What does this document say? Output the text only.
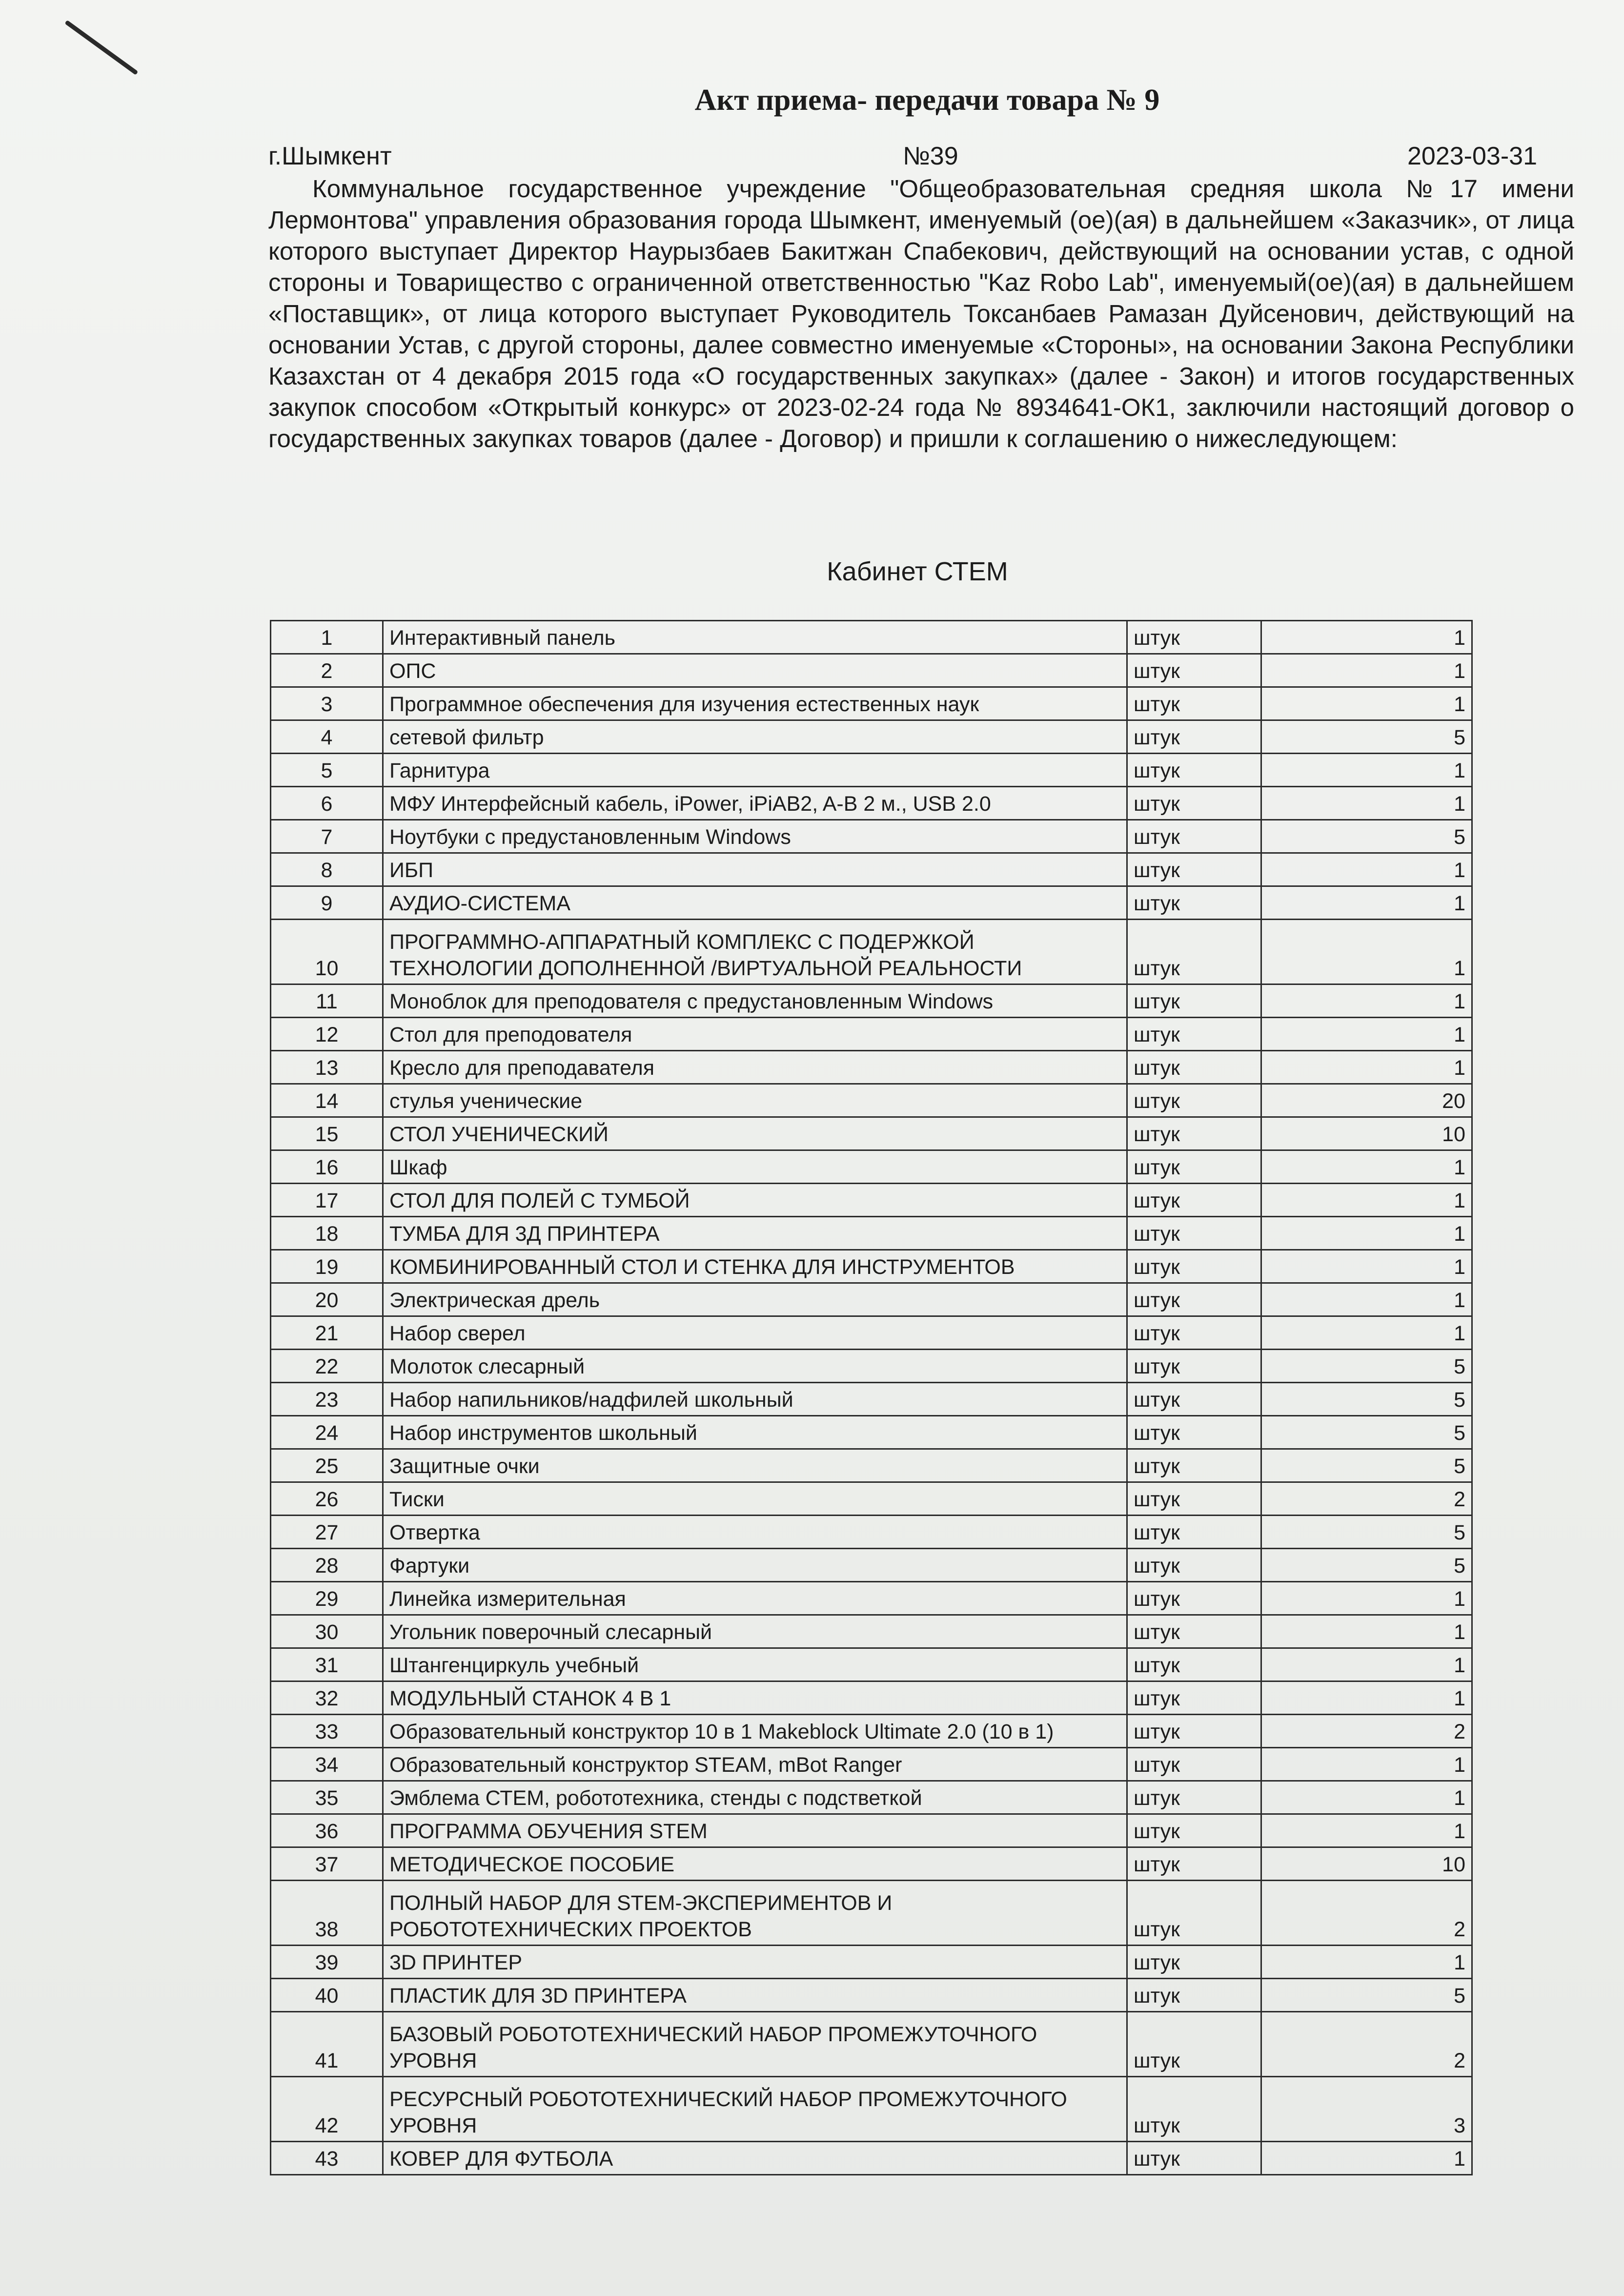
Акт приема- передачи товара № 9
г.Шымкент	№39	2023-03-31
Коммунальное государственное учреждение "Общеобразовательная средняя школа №17 имени Лермонтова" управления образования города Шымкент, именуемый (ое)(ая) в дальнейшем «Заказчик», от лица которого выступает Директор Наурызбаев Бакитжан Спабекович, действующий на основании устав, с одной стороны и Товарищество с ограниченной ответственностью "Kaz Robo Lab", именуемый(ое)(ая) в дальнейшем «Поставщик», от лица которого выступает Руководитель Токсанбаев Рамазан Дуйсенович, действующий на основании Устав, с другой стороны, далее совместно именуемые «Стороны», на основании Закона Республики Казахстан от 4 декабря 2015 года «О государственных закупках» (далее - Закон) и итогов государственных закупок способом «Открытый конкурс» от 2023-02-24 года № 8934641-ОК1, заключили настоящий договор о государственных закупках товаров (далее - Договор) и пришли к соглашению о нижеследующем:
Кабинет СТЕМ
1	Интерактивный панель	штук	1
2	ОПС	штук	1
3	Программное обеспечения для изучения естественных наук	штук	1
4	сетевой фильтр	штук	5
5	Гарнитура	штук	1
6	МФУ Интерфейсный кабель, iPower, iPiAB2, A-B 2 м., USB 2.0	штук	1
7	Ноутбуки с предустановленным Windows	штук	5
8	ИБП	штук	1
9	АУДИО-СИСТЕМА	штук	1
10	ПРОГРАММНО-АППАРАТНЫЙ КОМПЛЕКС С ПОДЕРЖКОЙ ТЕХНОЛОГИИ ДОПОЛНЕННОЙ /ВИРТУАЛЬНОЙ РЕАЛЬНОСТИ	штук	1
11	Моноблок для преподователя с предустановленным Windows	штук	1
12	Стол для преподователя	штук	1
13	Кресло для преподавателя	штук	1
14	стулья ученические	штук	20
15	СТОЛ УЧЕНИЧЕСКИЙ	штук	10
16	Шкаф	штук	1
17	СТОЛ ДЛЯ ПОЛЕЙ С ТУМБОЙ	штук	1
18	ТУМБА ДЛЯ 3Д ПРИНТЕРА	штук	1
19	КОМБИНИРОВАННЫЙ СТОЛ И СТЕНКА ДЛЯ ИНСТРУМЕНТОВ	штук	1
20	Электрическая дрель	штук	1
21	Набор сверел	штук	1
22	Молоток слесарный	штук	5
23	Набор напильников/надфилей школьный	штук	5
24	Набор инструментов школьный	штук	5
25	Защитные очки	штук	5
26	Тиски	штук	2
27	Отвертка	штук	5
28	Фартуки	штук	5
29	Линейка измерительная	штук	1
30	Угольник поверочный слесарный	штук	1
31	Штангенциркуль учебный	штук	1
32	МОДУЛЬНЫЙ СТАНОК 4 В 1	штук	1
33	Образовательный конструктор 10 в 1 Makeblock Ultimate 2.0 (10 в 1)	штук	2
34	Образовательный конструктор STEAM, mBot Ranger	штук	1
35	Эмблема СТЕМ, робототехника, стенды с подстветкой	штук	1
36	ПРОГРАММА ОБУЧЕНИЯ STEM	штук	1
37	МЕТОДИЧЕСКОЕ ПОСОБИЕ	штук	10
38	ПОЛНЫЙ НАБОР ДЛЯ STEM-ЭКСПЕРИМЕНТОВ И РОБОТОТЕХНИЧЕСКИХ ПРОЕКТОВ	штук	2
39	3D ПРИНТЕР	штук	1
40	ПЛАСТИК ДЛЯ 3D ПРИНТЕРА	штук	5
41	БАЗОВЫЙ РОБОТОТЕХНИЧЕСКИЙ НАБОР ПРОМЕЖУТОЧНОГО УРОВНЯ	штук	2
42	РЕСУРСНЫЙ РОБОТОТЕХНИЧЕСКИЙ НАБОР ПРОМЕЖУТОЧНОГО УРОВНЯ	штук	3
43	КОВЕР ДЛЯ ФУТБОЛА	штук	1
